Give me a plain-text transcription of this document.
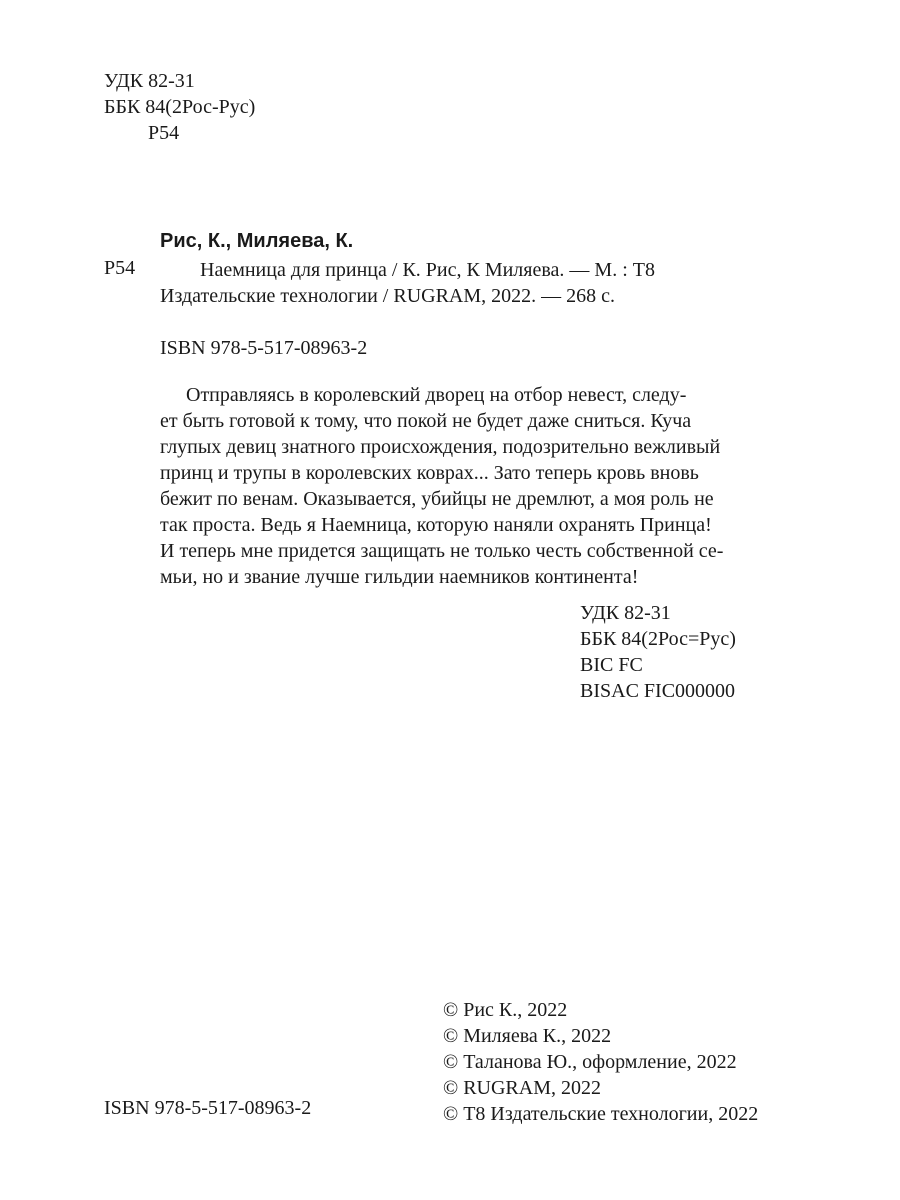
УДК 82-31
ББК 84(2Рос-Рус)
Р54
Рис, К., Миляева, К.
Р54	Наемница для принца / К. Рис, К Миляева. — М. : Т8
Издательские технологии / RUGRAM, 2022. — 268 с.
ISBN 978-5-517-08963-2
Отправляясь в королевский дворец на отбор невест, следу-
ет быть готовой к тому, что покой не будет даже сниться. Куча
глупых девиц знатного происхождения, подозрительно вежливый
принц и трупы в королевских коврах... Зато теперь кровь вновь
бежит по венам. Оказывается, убийцы не дремлют, а моя роль не
так проста. Ведь я Наемница, которую наняли охранять Принца!
И теперь мне придется защищать не только честь собственной се-
мьи, но и звание лучше гильдии наемников континента!
УДК 82-31
ББК 84(2Рос=Рус)
BIC FC
BISAC FIC000000
© Рис К., 2022
© Миляева К., 2022
© Таланова Ю., оформление, 2022
© RUGRAM, 2022
© Т8 Издательские технологии, 2022
ISBN 978-5-517-08963-2
